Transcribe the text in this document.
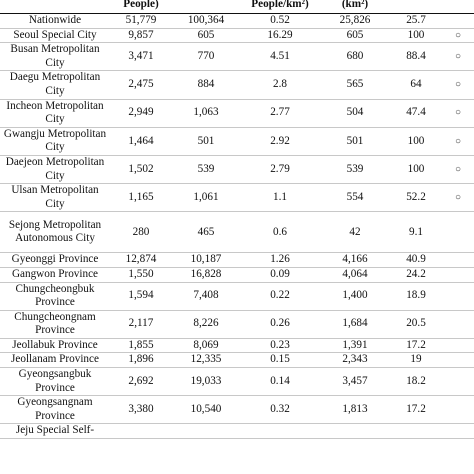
	People)		People/km²)	(km²)	

Nationwide	51,779	100,364	0.52	25,826	25.7	
Seoul Special City	9,857	605	16.29	605	100	○
Busan Metropolitan City	3,471	770	4.51	680	88.4	○
Daegu Metropolitan City	2,475	884	2.8	565	64	○
Incheon Metropolitan City	2,949	1,063	2.77	504	47.4	○
Gwangju Metropolitan City	1,464	501	2.92	501	100	○
Daejeon Metropolitan City	1,502	539	2.79	539	100	○
Ulsan Metropolitan City	1,165	1,061	1.1	554	52.2	○
Sejong Metropolitan Autonomous City	280	465	0.6	42	9.1	
Gyeonggi Province	12,874	10,187	1.26	4,166	40.9	
Gangwon Province	1,550	16,828	0.09	4,064	24.2	
Chungcheongbuk Province	1,594	7,408	0.22	1,400	18.9	
Chungcheongnam Province	2,117	8,226	0.26	1,684	20.5	
Jeollabuk Province	1,855	8,069	0.23	1,391	17.2	
Jeollanam Province	1,896	12,335	0.15	2,343	19	
Gyeongsangbuk Province	2,692	19,033	0.14	3,457	18.2	
Gyeongsangnam Province	3,380	10,540	0.32	1,813	17.2	
Jeju Special Self-						
